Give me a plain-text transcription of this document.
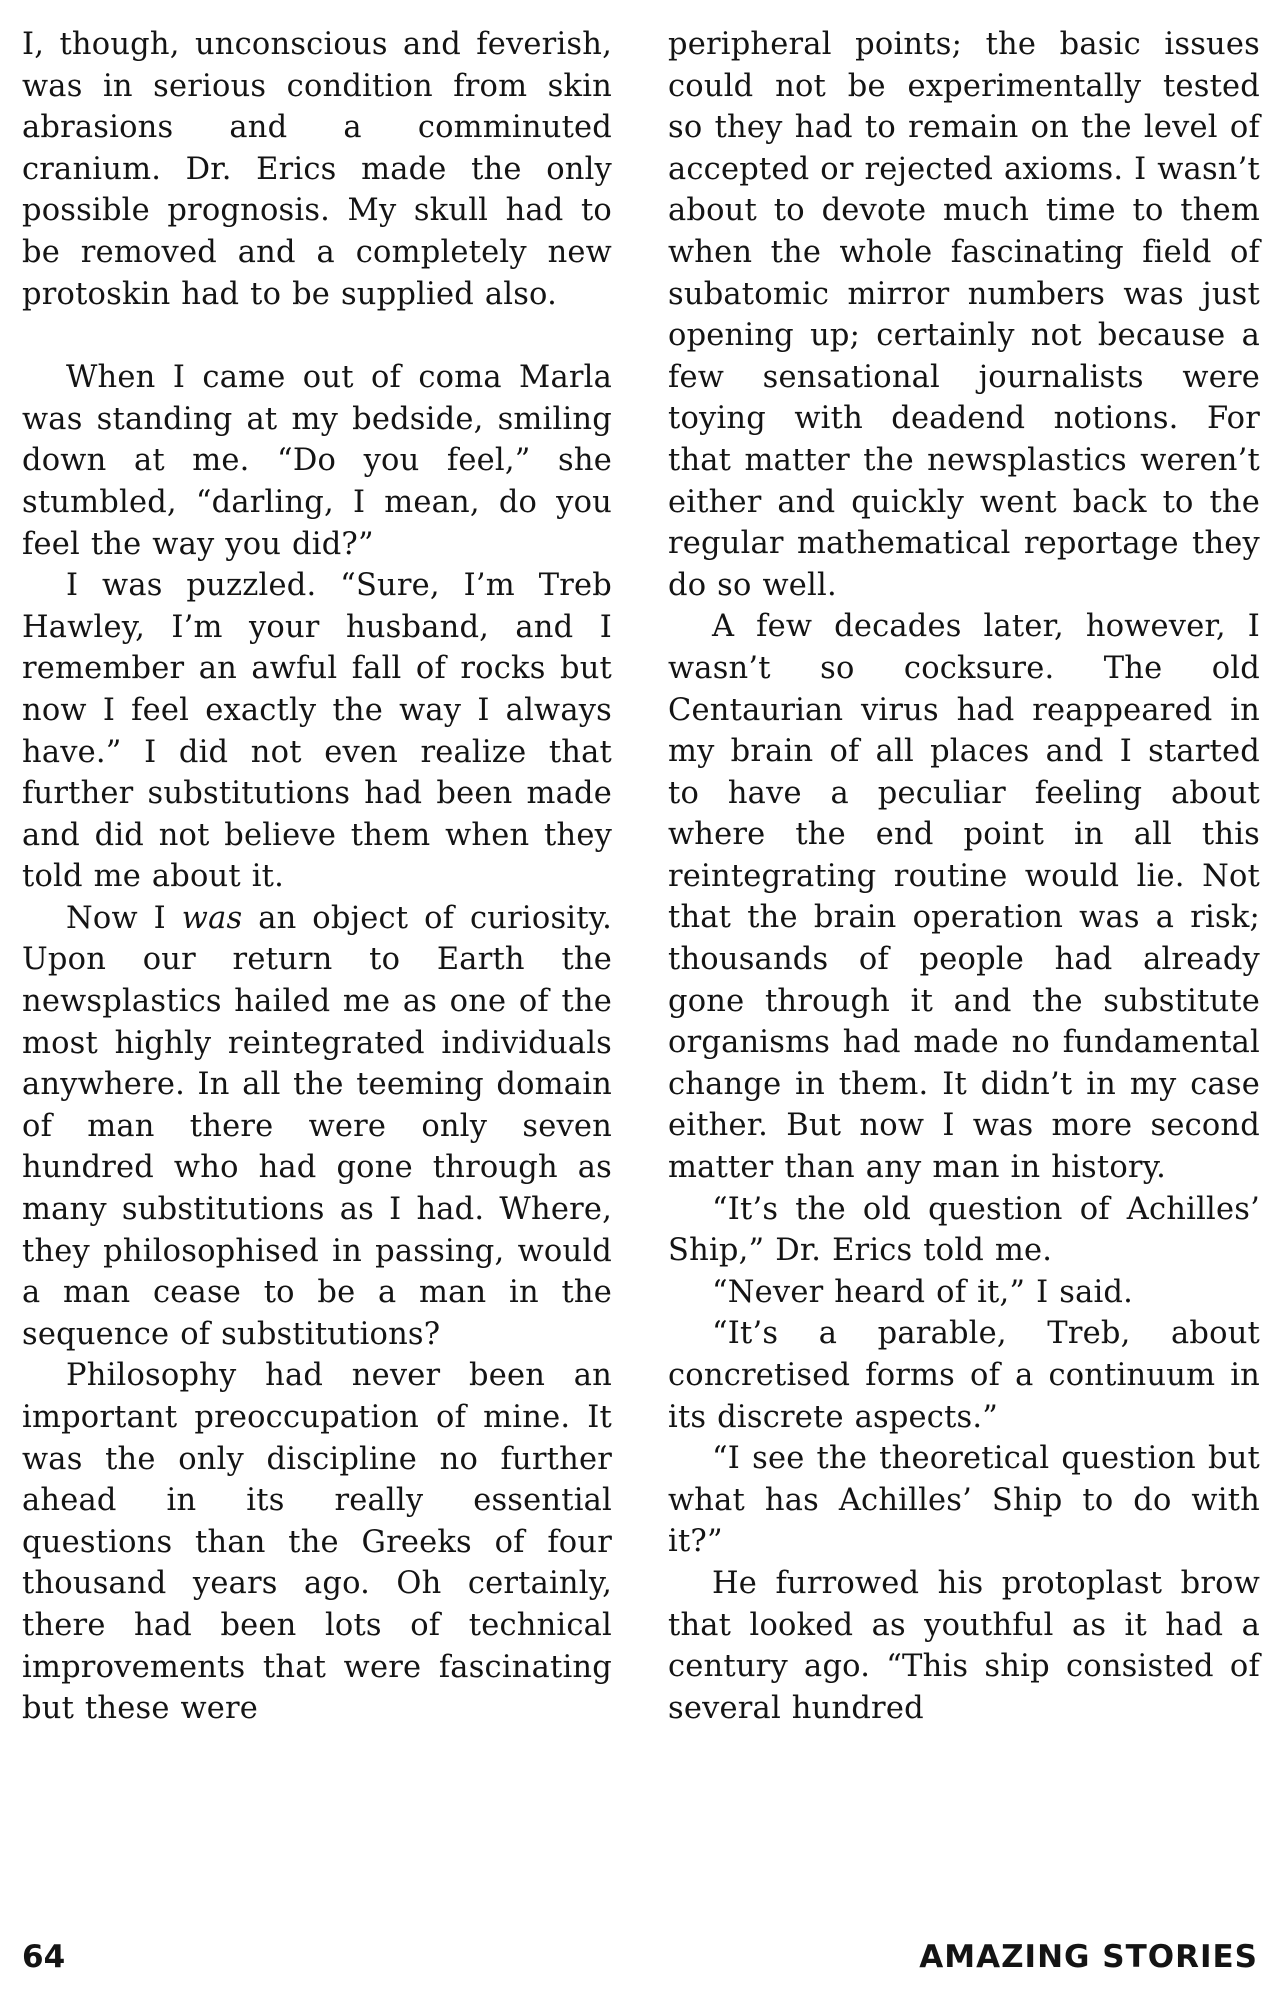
I, though, unconscious and feverish, was in serious condition from skin abrasions and a comminuted cranium. Dr. Erics made the only possible prognosis. My skull had to be removed and a completely new protoskin had to be supplied also.

When I came out of coma Marla was standing at my bedside, smiling down at me. “Do you feel,” she stumbled, “darling, I mean, do you feel the way you did?”

I was puzzled. “Sure, I’m Treb Hawley, I’m your husband, and I remember an awful fall of rocks but now I feel exactly the way I always have.” I did not even realize that further substitutions had been made and did not believe them when they told me about it.

Now I was an object of curiosity. Upon our return to Earth the newsplastics hailed me as one of the most highly reintegrated individuals anywhere. In all the teeming domain of man there were only seven hundred who had gone through as many substitutions as I had. Where, they philosophised in passing, would a man cease to be a man in the sequence of substitutions?

Philosophy had never been an important preoccupation of mine. It was the only discipline no further ahead in its really essential questions than the Greeks of four thousand years ago. Oh certainly, there had been lots of technical improvements that were fascinating but these were

peripheral points; the basic issues could not be experimentally tested so they had to remain on the level of accepted or rejected axioms. I wasn’t about to devote much time to them when the whole fascinating field of subatomic mirror numbers was just opening up; certainly not because a few sensational journalists were toying with deadend notions. For that matter the newsplastics weren’t either and quickly went back to the regular mathematical reportage they do so well.

A few decades later, however, I wasn’t so cocksure. The old Centaurian virus had reappeared in my brain of all places and I started to have a peculiar feeling about where the end point in all this reintegrating routine would lie. Not that the brain operation was a risk; thousands of people had already gone through it and the substitute organisms had made no fundamental change in them. It didn’t in my case either. But now I was more second matter than any man in history.

“It’s the old question of Achilles’ Ship,” Dr. Erics told me.

“Never heard of it,” I said.

“It’s a parable, Treb, about concretised forms of a continuum in its discrete aspects.”

“I see the theoretical question but what has Achilles’ Ship to do with it?”

He furrowed his protoplast brow that looked as youthful as it had a century ago. “This ship consisted of several hundred

64	AMAZING STORIES
